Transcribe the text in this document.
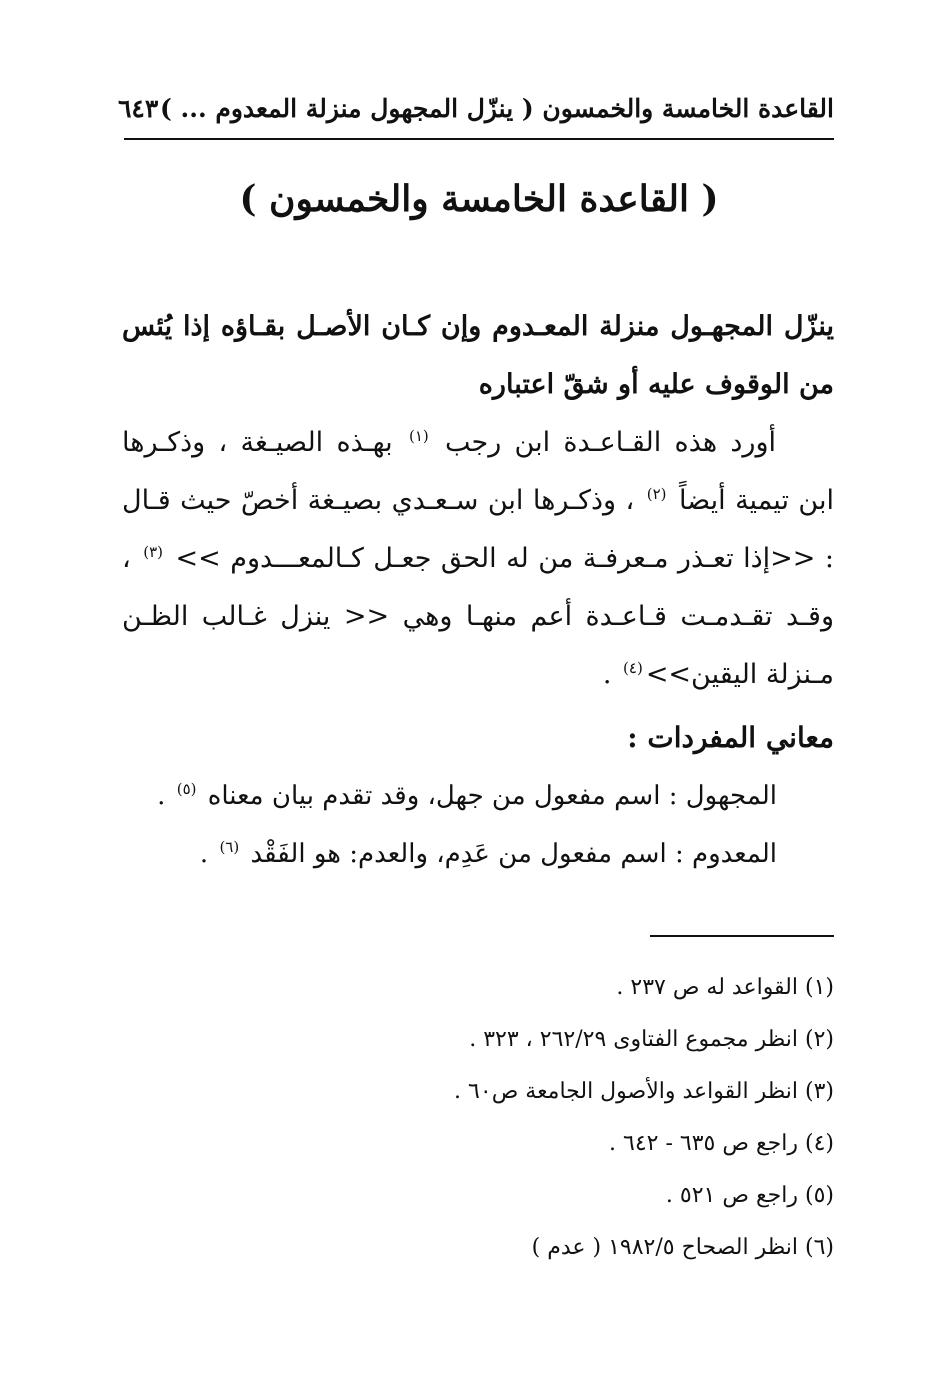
القاعدة الخامسة والخمسون ( ينزّل المجهول منزلة المعدوم ... )
٦٤٣
( القاعدة الخامسة والخمسون )

ينزّل المجهـول منزلة المعـدوم وإن كـان الأصـل بقـاؤه إذا يُئس من الوقوف عليه أو شقّ اعتباره

أورد هذه القـاعـدة ابن رجب $^{(١)}$ بهـذه الصيـغة ، وذكـرها ابن تيمية أيضاً $^{(٢)}$ ، وذكـرها ابن سـعـدي بصيـغة أخصّ حيث قـال : <<إذا تعـذر مـعرفـة من له الحق جعـل كـالمعـــدوم >> $^{(٣)}$ ، وقـد تقـدمـت قـاعـدة أعم منهـا وهي << ينزل غـالب الظـن مـنزلة اليقين>>$^{(٤)}$ .

معاني المفردات :
المجهول : اسم مفعول من جهل، وقد تقدم بيان معناه $^{(٥)}$ .
المعدوم : اسم مفعول من عَدِم، والعدم: هو الفَقْد $^{(٦)}$ .
(١) القواعد له ص ٢٣٧ .
(٢) انظر مجموع الفتاوى ٢٦٢/٢٩ ، ٣٢٣ .
(٣) انظر القواعد والأصول الجامعة ص٦٠ .
(٤) راجع ص ٦٣٥ - ٦٤٢ .
(٥) راجع ص ٥٢١ .
(٦) انظر الصحاح ١٩٨٢/٥ ( عدم )
